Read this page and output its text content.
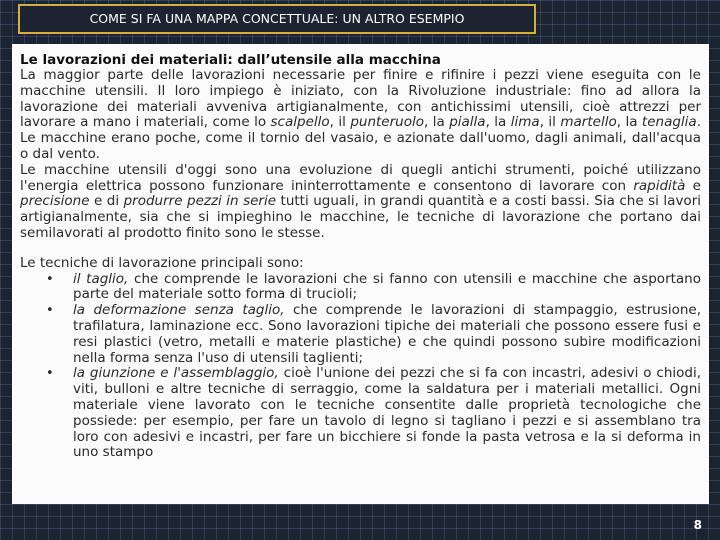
COME SI FA UNA MAPPA CONCETTUALE: UN ALTRO ESEMPIO

Le lavorazioni dei materiali: dall’utensile alla macchina

La maggior parte delle lavorazioni necessarie per finire e rifinire i pezzi viene eseguita con le macchine utensili. Il loro impiego è iniziato, con la Rivoluzione industriale: fino ad allora la lavorazione dei materiali avveniva artigianalmente, con antichissimi utensili, cioè attrezzi per lavorare a mano i materiali, come lo scalpello, il punteruolo, la pialla, la lima, il martello, la tenaglia. Le macchine erano poche, come il tornio del vasaio, e azionate dall'uomo, dagli animali, dall'acqua o dal vento.

Le macchine utensili d'oggi sono una evoluzione di quegli antichi strumenti, poiché utilizzano l'energia elettrica possono funzionare ininterrottamente e consentono di lavorare con rapidità e precisione e di produrre pezzi in serie tutti uguali, in grandi quantità e a costi bassi. Sia che si lavori artigianalmente, sia che si impieghino le macchine, le tecniche di lavorazione che portano dai semilavorati al prodotto finito sono le stesse.

Le tecniche di lavorazione principali sono:

• il taglio, che comprende le lavorazioni che si fanno con utensili e macchine che asportano parte del materiale sotto forma di trucioli;
• la deformazione senza taglio, che comprende le lavorazioni di stampaggio, estrusione, trafilatura, laminazione ecc. Sono lavorazioni tipiche dei materiali che possono essere fusi e resi plastici (vetro, metalli e materie plastiche) e che quindi possono subire modificazioni nella forma senza l'uso di utensili taglienti;
• la giunzione e l'assemblaggio, cioè l'unione dei pezzi che si fa con incastri, adesivi o chiodi, viti, bulloni e altre tecniche di serraggio, come la saldatura per i materiali metallici. Ogni materiale viene lavorato con le tecniche consentite dalle proprietà tecnologiche che possiede: per esempio, per fare un tavolo di legno si tagliano i pezzi e si assemblano tra loro con adesivi e incastri, per fare un bicchiere si fonde la pasta vetrosa e la si deforma in uno stampo
8
